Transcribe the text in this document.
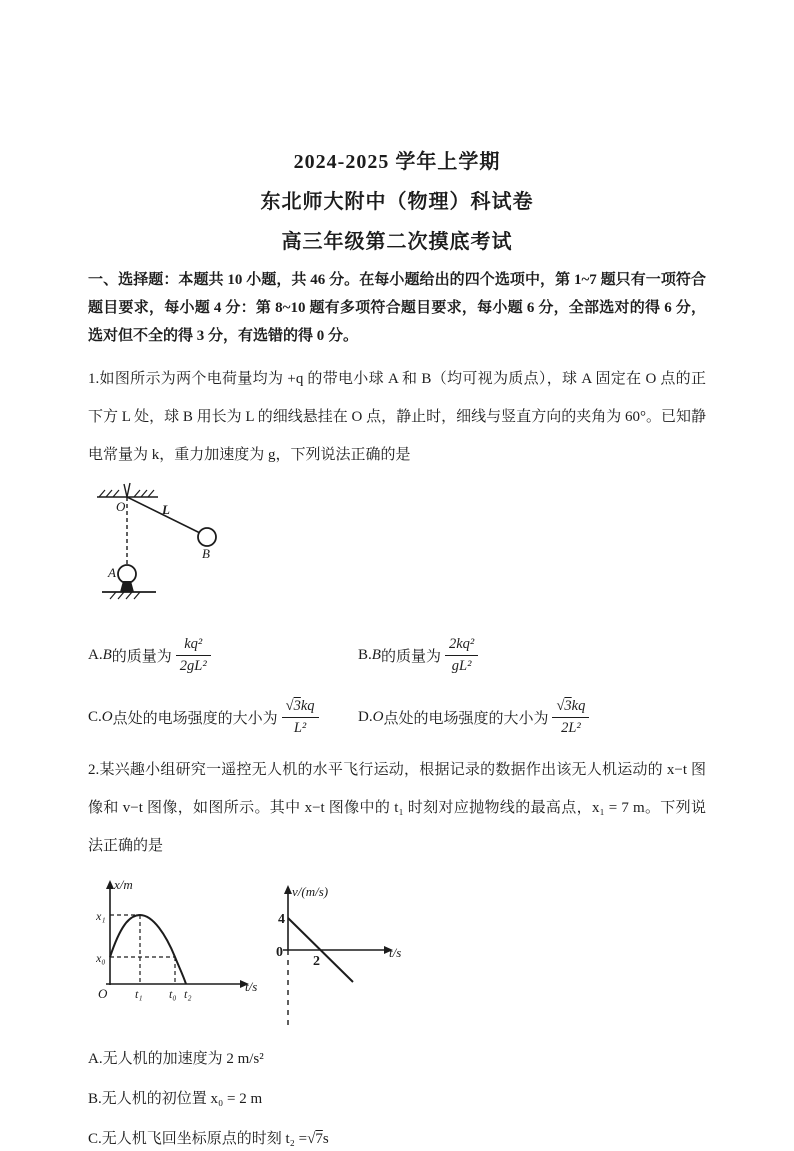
2024-2025 学年上学期
东北师大附中（物理）科试卷
高三年级第二次摸底考试

一、选择题：本题共 10 小题，共 46 分。在每小题给出的四个选项中，第 1~7 题只有一项符合题目要求，每小题 4 分：第 8~10 题有多项符合题目要求，每小题 6 分，全部选对的得 6 分，选对但不全的得 3 分，有选错的得 0 分。

1.如图所示为两个电荷量均为 +q 的带电小球 A 和 B（均可视为质点），球 A 固定在 O 点的正下方 L 处，球 B 用长为 L 的细线悬挂在 O 点，静止时，细线与竖直方向的夹角为 60°。已知静电常量为 k，重力加速度为 g，下列说法正确的是

O	L
B
A
A. B 的质量为 $\frac{\text{kq²}}{\text{2gL²}}$	B. B 的质量为 $\frac{\text{2kq²}}{\text{gL²}}$
C. O 点处的电场强度的大小为 $\frac{√3kq}{\text{L²}}$	D. O 点处的电场强度的大小为 $\frac{√3kq}{\text{2L²}}$

2.某兴趣小组研究一遥控无人机的水平飞行运动，根据记录的数据作出该无人机运动的 x−t 图像和 v−t 图像，如图所示。其中 x−t 图像中的 t₁ 时刻对应抛物线的最高点，x₁ = 7 m。下列说法正确的是

x/m
t/s
O
x₁
x₀
t₁ t₀ t₂
v/(m/s)
t/s
4
0
2

A.无人机的加速度为 2 m/s²

B.无人机的初位置 x₀ = 2 m

C.无人机飞回坐标原点的时刻 t₂ = √ 7 s
